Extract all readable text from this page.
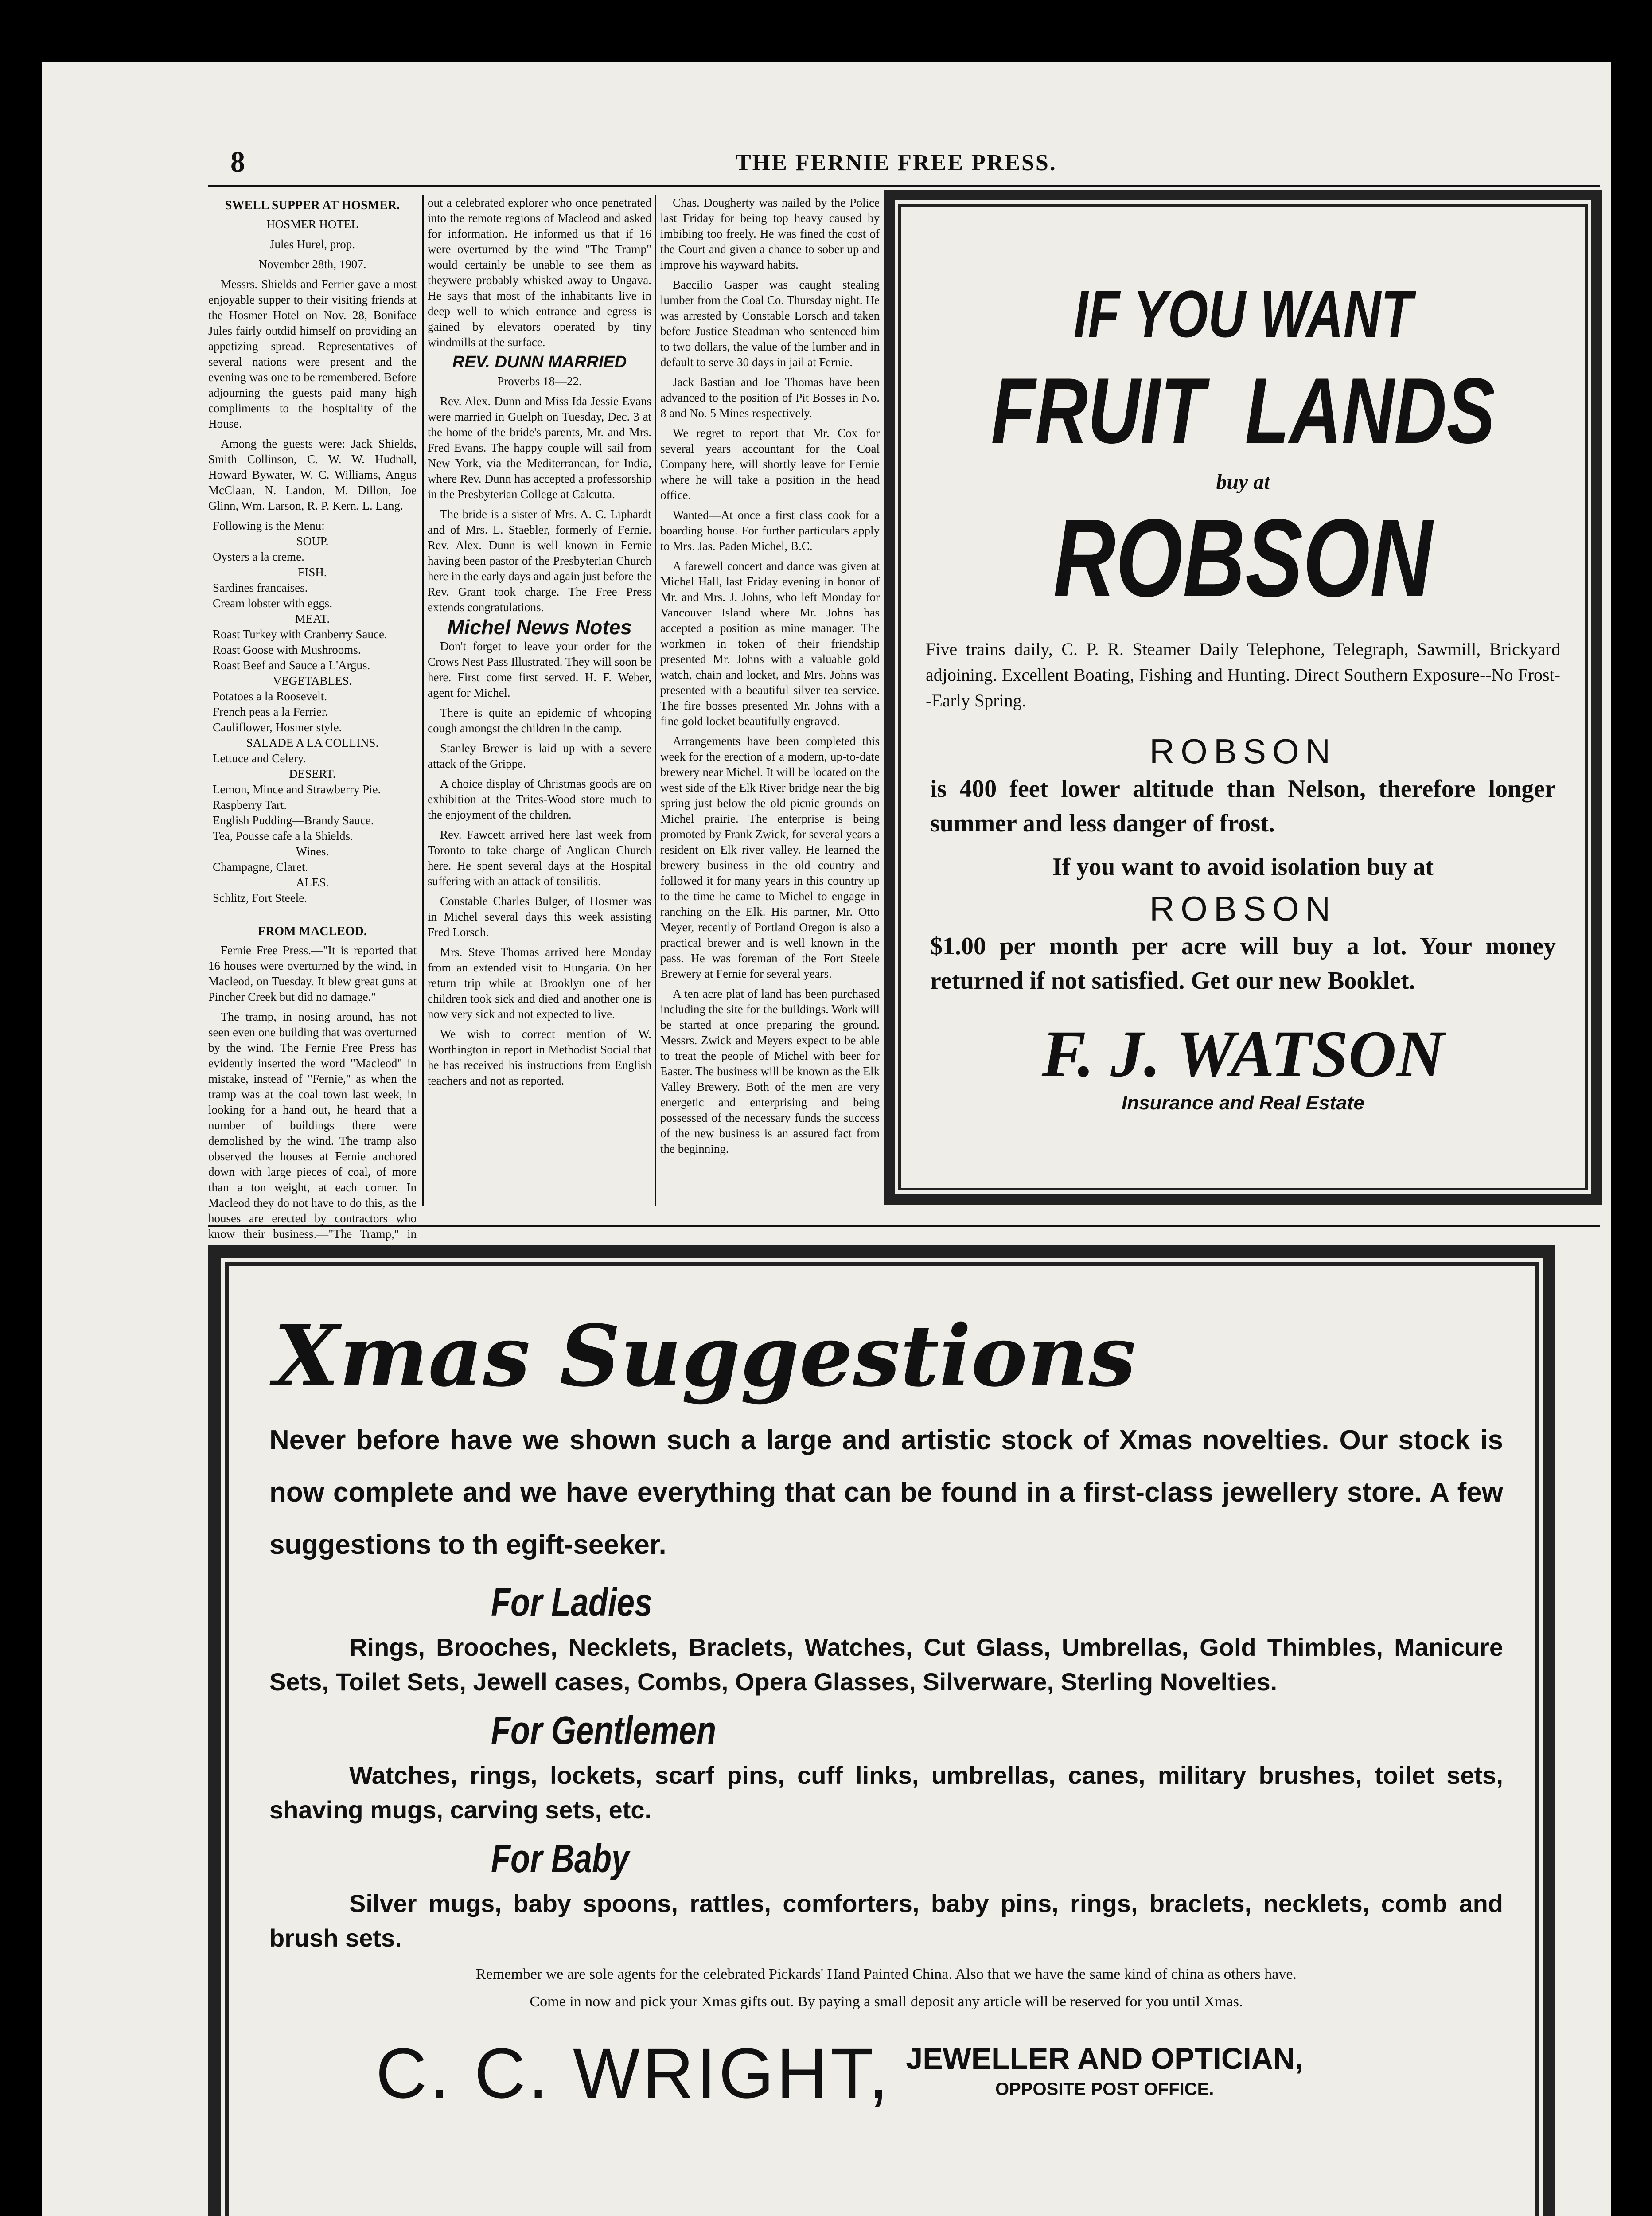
8	THE FERNIE FREE PRESS.
SWELL SUPPER AT HOSMER.

HOSMER HOTEL

Jules Hurel, prop.

November 28th, 1907.

Messrs. Shields and Ferrier gave a most enjoyable supper to their visiting friends at the Hosmer Hotel on Nov. 28, Boniface Jules fairly outdid himself on providing an appetizing spread. Representatives of several nations were present and the evening was one to be remembered. Before adjourning the guests paid many high compliments to the hospitality of the House.

Among the guests were: Jack Shields, Smith Collinson, C. W. W. Hudnall, Howard Bywater, W. C. Williams, Angus McClaan, N. Landon, M. Dillon, Joe Glinn, Wm. Larson, R. P. Kern, L. Lang.

Following is the Menu:—

SOUP.

Oysters a la creme.

FISH.

Sardines francaises.

Cream lobster with eggs.

MEAT.

Roast Turkey with Cranberry Sauce.

Roast Goose with Mushrooms.

Roast Beef and Sauce a L'Argus.

VEGETABLES.

Potatoes a la Roosevelt.

French peas a la Ferrier.

Cauliflower, Hosmer style.

SALADE A LA COLLINS.

Lettuce and Celery.

DESERT.

Lemon, Mince and Strawberry Pie.

Raspberry Tart.

English Pudding—Brandy Sauce.

Tea, Pousse cafe a la Shields.

Wines.

Champagne, Claret.

ALES.

Schlitz, Fort Steele.

FROM MACLEOD.

Fernie Free Press.—"It is reported that 16 houses were overturned by the wind, in Macleod, on Tuesday. It blew great guns at Pincher Creek but did no damage."

The tramp, in nosing around, has not seen even one building that was overturned by the wind. The Fernie Free Press has evidently inserted the word "Macleod" in mistake, instead of "Fernie," as when the tramp was at the coal town last week, in looking for a hand out, he heard that a number of buildings there were demolished by the wind. The tramp also observed the houses at Fernie anchored down with large pieces of coal, of more than a ton weight, at each corner. In Macleod they do not have to do this, as the houses are erected by contractors who know their business.—"The Tramp," in

out a celebrated explorer who once penetrated into the remote regions of Macleod and asked for information. He informed us that if 16 were overturned by the wind "The Tramp" would certainly be unable to see them as theywere probably whisked away to Ungava. He says that most of the inhabitants live in deep well to which entrance and egress is gained by elevators operated by tiny windmills at the surface.

REV. DUNN MARRIED

Proverbs 18—22.

Rev. Alex. Dunn and Miss Ida Jessie Evans were married in Guelph on Tuesday, Dec. 3 at the home of the bride's parents, Mr. and Mrs. Fred Evans. The happy couple will sail from New York, via the Mediterranean, for India, where Rev. Dunn has accepted a professorship in the Presbyterian College at Calcutta.

The bride is a sister of Mrs. A. C. Liphardt and of Mrs. L. Staebler, formerly of Fernie. Rev. Alex. Dunn is well known in Fernie having been pastor of the Presbyterian Church here in the early days and again just before the Rev. Grant took charge. The Free Press extends congratulations.

Michel News Notes

Don't forget to leave your order for the Crows Nest Pass Illustrated. They will soon be here. First come first served. H. F. Weber, agent for Michel.

There is quite an epidemic of whooping cough amongst the children in the camp.

Stanley Brewer is laid up with a severe attack of the Grippe.

A choice display of Christmas goods are on exhibition at the Trites-Wood store much to the enjoyment of the children.

Rev. Fawcett arrived here last week from Toronto to take charge of Anglican Church here. He spent several days at the Hospital suffering with an attack of tonsilitis.

Constable Charles Bulger, of Hosmer was in Michel several days this week assisting Fred Lorsch.

Mrs. Steve Thomas arrived here Monday from an extended visit to Hungaria. On her return trip while at Brooklyn one of her children took sick and died and another one is now very sick and not expected to live.

We wish to correct mention of W. Worthington in report in Methodist Social that he has received his instructions from English teachers and not as reported.

Chas. Dougherty was nailed by the Police last Friday for being top heavy caused by imbibing too freely. He was fined the cost of the Court and given a chance to sober up and improve his wayward habits.

Baccilio Gasper was caught stealing lumber from the Coal Co. Thursday night. He was arrested by Constable Lorsch and taken before Justice Steadman who sentenced him to two dollars, the value of the lumber and in default to serve 30 days in jail at Fernie.

Jack Bastian and Joe Thomas have been advanced to the position of Pit Bosses in No. 8 and No. 5 Mines respectively.

We regret to report that Mr. Cox for several years accountant for the Coal Company here, will shortly leave for Fernie where he will take a position in the head office.

Wanted—At once a first class cook for a boarding house. For further particulars apply to Mrs. Jas. Paden Michel, B.C.

A farewell concert and dance was given at Michel Hall, last Friday evening in honor of Mr. and Mrs. J. Johns, who left Monday for Vancouver Island where Mr. Johns has accepted a position as mine manager. The workmen in token of their friendship presented Mr. Johns with a valuable gold watch, chain and locket, and Mrs. Johns was presented with a beautiful silver tea service. The fire bosses presented Mr. Johns with a fine gold locket beautifully engraved.

Arrangements have been completed this week for the erection of a modern, up-to-date brewery near Michel. It will be located on the west side of the Elk River bridge near the big spring just below the old picnic grounds on Michel prairie. The enterprise is being promoted by Frank Zwick, for several years a resident on Elk river valley. He learned the brewery business in the old country and followed it for many years in this country up to the time he came to Michel to engage in ranching on the Elk. His partner, Mr. Otto Meyer, recently of Portland Oregon is also a practical brewer and is well known in the pass. He was foreman of the Fort Steele Brewery at Fernie for several years.

A ten acre plat of land has been purchased including the site for the buildings. Work will be started at once preparing the ground. Messrs. Zwick and Meyers expect to be able to treat the people of Michel with beer for Easter. The business will be known as the Elk Valley Brewery. Both of the men are very energetic and enterprising and being possessed of the necessary funds the success of the new business is an assured fact from the beginning.

IF YOU WANT
FRUIT  LANDS
buy at
ROBSON
Five trains daily, C. P. R. Steamer Daily Telephone, Telegraph, Sawmill, Brickyard adjoining. Excellent Boating, Fishing and Hunting. Direct Southern Exposure--No Frost--Early Spring.
ROBSON
is 400 feet lower altitude than Nelson, therefore longer summer and less danger of frost.
If you want to avoid isolation buy at
ROBSON
$1.00 per month per acre will buy a lot. Your money returned if not satisfied. Get our new Booklet.
F. J. WATSON
Insurance and Real Estate
Xmas Suggestions
Never before have we shown such a large and artistic stock of Xmas novelties. Our stock is now complete and we have everything that can be found in a first-class jewellery store. A few suggestions to th egift-seeker.
For Ladies
Rings, Brooches, Necklets, Braclets, Watches, Cut Glass, Umbrellas, Gold Thimbles, Manicure Sets, Toilet Sets, Jewell cases, Combs, Opera Glasses, Silverware, Sterling Novelties.
For Gentlemen
Watches, rings, lockets, scarf pins, cuff links, umbrellas, canes, military brushes, toilet sets, shaving mugs, carving sets, etc.
For Baby
Silver mugs, baby spoons, rattles, comforters, baby pins, rings, braclets, necklets, comb and brush sets.
Remember we are sole agents for the celebrated Pickards' Hand Painted China. Also that we have the same kind of china as others have.
Come in now and pick your Xmas gifts out. By paying a small deposit any article will be reserved for you until Xmas.
C. C. WRIGHT, JEWELLER AND OPTICIAN,
OPPOSITE POST OFFICE.
